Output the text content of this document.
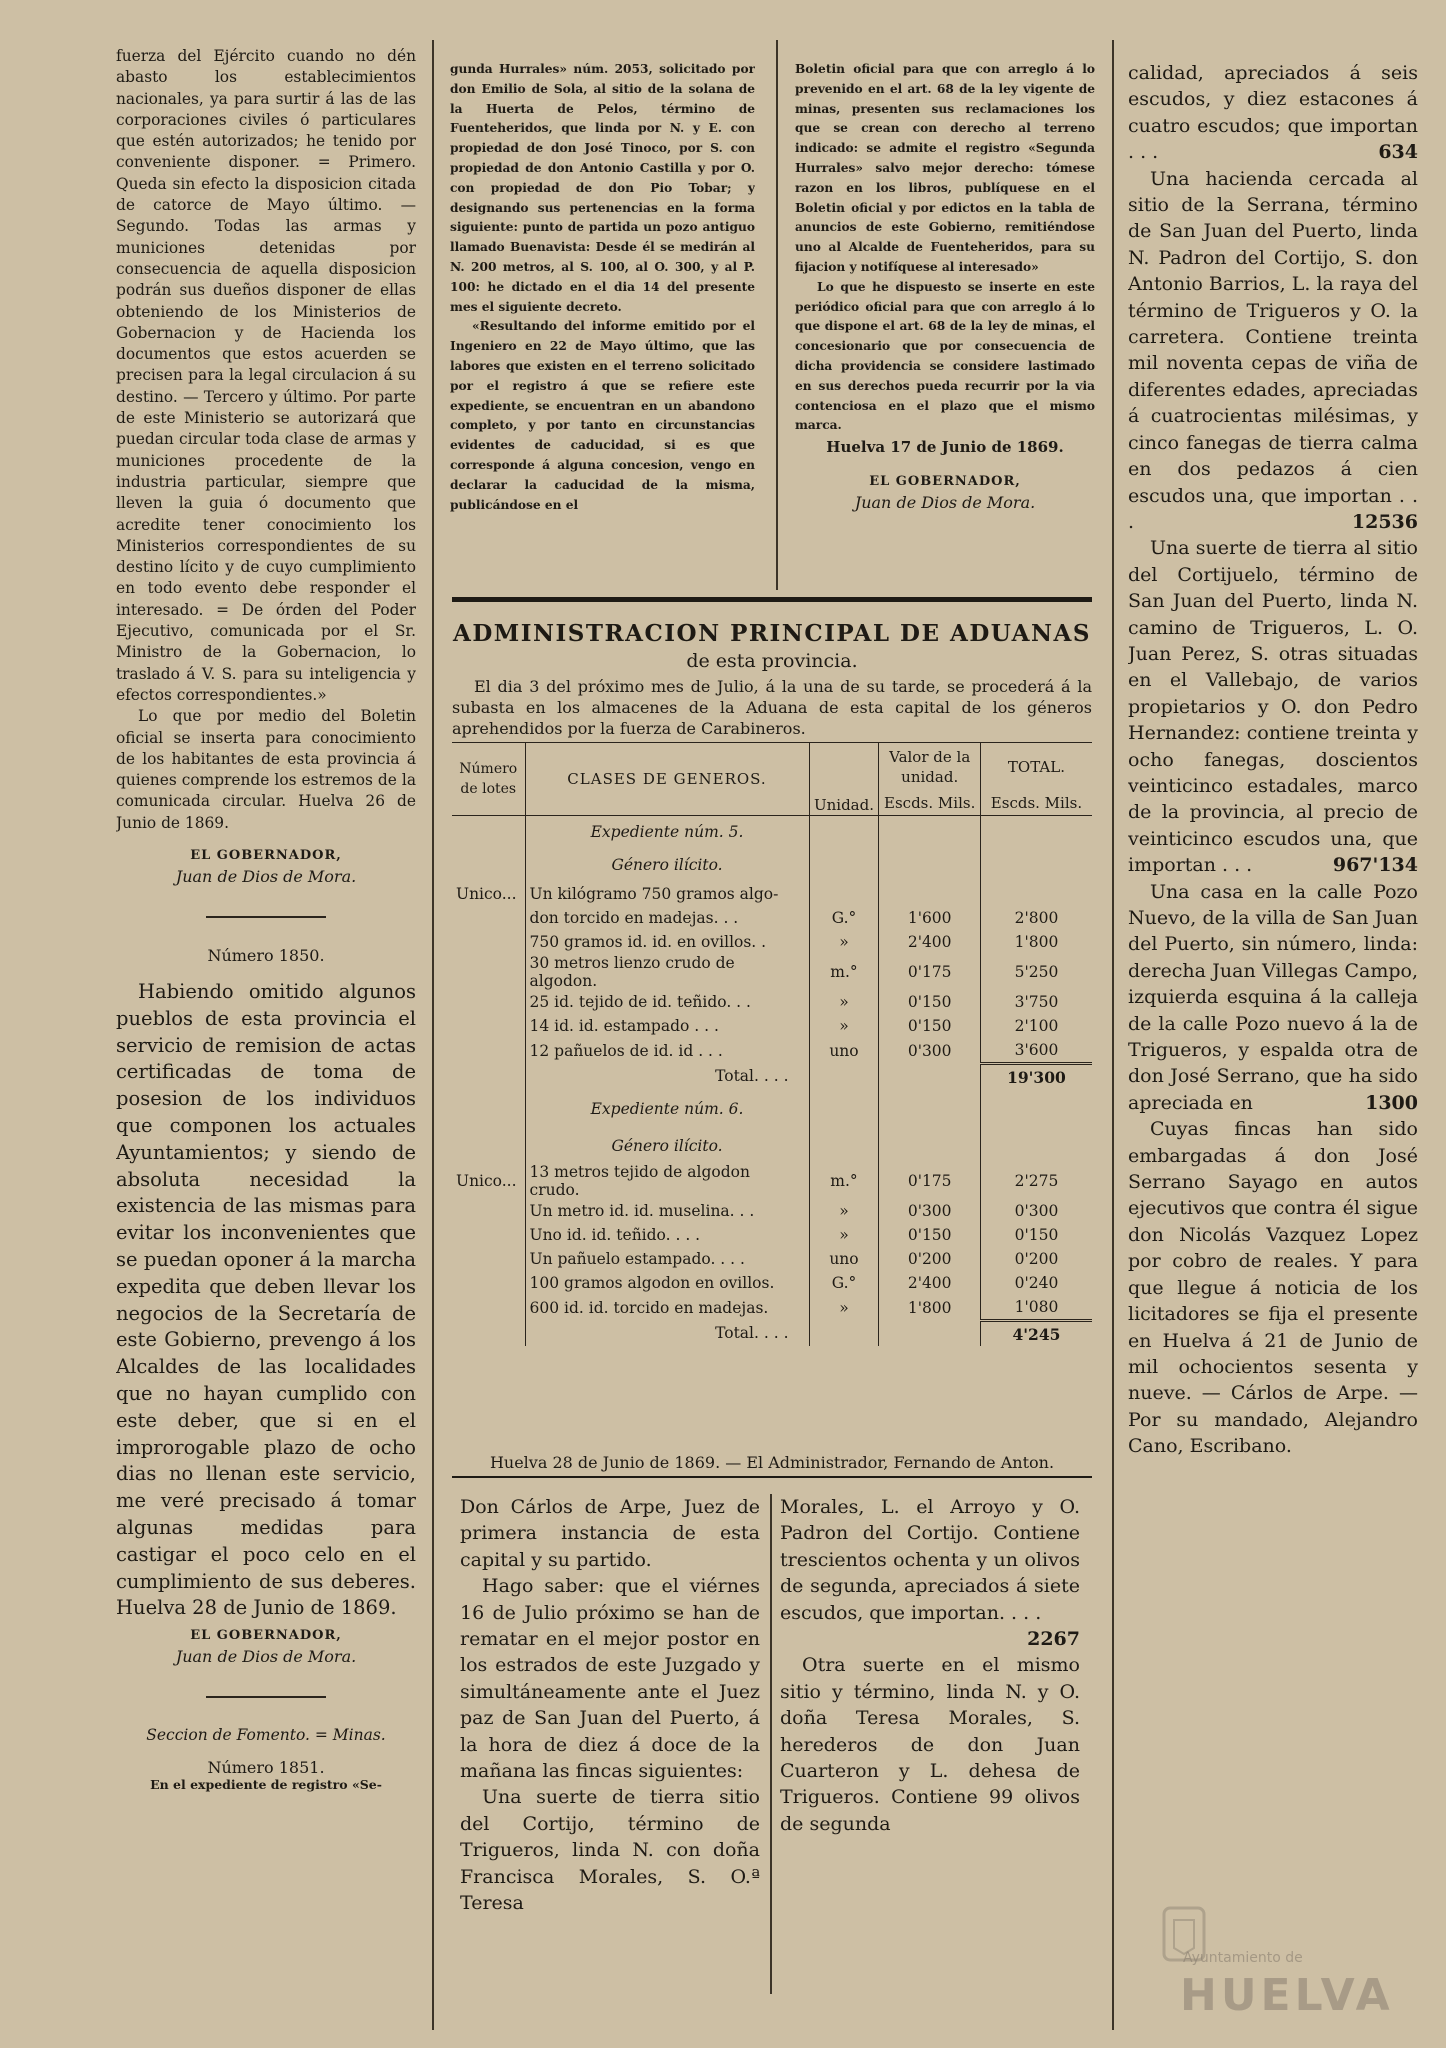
fuerza del Ejército cuando no dén abasto los establecimientos nacionales, ya para surtir á las de las corporaciones civiles ó particulares que estén autorizados; he tenido por conveniente disponer. = Primero. Queda sin efecto la disposicion citada de catorce de Mayo último. — Segundo. Todas las armas y municiones detenidas por consecuencia de aquella disposicion podrán sus dueños disponer de ellas obteniendo de los Ministerios de Gobernacion y de Hacienda los documentos que estos acuerden se precisen para la legal circulacion á su destino. — Tercero y último. Por parte de este Ministerio se autorizará que puedan circular toda clase de armas y municiones procedente de la industria particular, siempre que lleven la guia ó documento que acredite tener conocimiento los Ministerios correspondientes de su destino lícito y de cuyo cumplimiento en todo evento debe responder el interesado. = De órden del Poder Ejecutivo, comunicada por el Sr. Ministro de la Gobernacion, lo traslado á V. S. para su inteligencia y efectos correspondientes.»

Lo que por medio del Boletin oficial se inserta para conocimiento de los habitantes de esta provincia á quienes comprende los estremos de la comunicada circular. Huelva 26 de Junio de 1869.

EL GOBERNADOR,
Juan de Dios de Mora.
Número 1850.

Habiendo omitido algunos pueblos de esta provincia el servicio de remision de actas certificadas de toma de posesion de los individuos que componen los actuales Ayuntamientos; y siendo de absoluta necesidad la existencia de las mismas para evitar los inconvenientes que se puedan oponer á la marcha expedita que deben llevar los negocios de la Secretaría de este Gobierno, prevengo á los Alcaldes de las localidades que no hayan cumplido con este deber, que si en el improrogable plazo de ocho dias no llenan este servicio, me veré precisado á tomar algunas medidas para castigar el poco celo en el cumplimiento de sus deberes. Huelva 28 de Junio de 1869.

EL GOBERNADOR,
Juan de Dios de Mora.
Seccion de Fomento. = Minas.
Número 1851.
En el expediente de registro «Se-

gunda Hurrales» núm. 2053, solicitado por don Emilio de Sola, al sitio de la solana de la Huerta de Pelos, término de Fuenteheridos, que linda por N. y E. con propiedad de don José Tinoco, por S. con propiedad de don Antonio Castilla y por O. con propiedad de don Pio Tobar; y designando sus pertenencias en la forma siguiente: punto de partida un pozo antiguo llamado Buenavista: Desde él se medirán al N. 200 metros, al S. 100, al O. 300, y al P. 100: he dictado en el dia 14 del presente mes el siguiente decreto.

«Resultando del informe emitido por el Ingeniero en 22 de Mayo último, que las labores que existen en el terreno solicitado por el registro á que se refiere este expediente, se encuentran en un abandono completo, y por tanto en circunstancias evidentes de caducidad, si es que corresponde á alguna concesion, vengo en declarar la caducidad de la misma, publicándose en el

Boletin oficial para que con arreglo á lo prevenido en el art. 68 de la ley vigente de minas, presenten sus reclamaciones los que se crean con derecho al terreno indicado: se admite el registro «Segunda Hurrales» salvo mejor derecho: tómese razon en los libros, publíquese en el Boletin oficial y por edictos en la tabla de anuncios de este Gobierno, remitiéndose uno al Alcalde de Fuenteheridos, para su fijacion y notifíquese al interesado»

Lo que he dispuesto se inserte en este periódico oficial para que con arreglo á lo que dispone el art. 68 de la ley de minas, el concesionario que por consecuencia de dicha providencia se considere lastimado en sus derechos pueda recurrir por la via contenciosa en el plazo que el mismo marca.

Huelva 17 de Junio de 1869.
EL GOBERNADOR,
Juan de Dios de Mora.
ADMINISTRACION PRINCIPAL DE ADUANAS
de esta provincia.

El dia 3 del próximo mes de Julio, á la una de su tarde, se procederá á la subasta en los almacenes de la Aduana de esta capital de los géneros aprehendidos por la fuerza de Carabineros.

Número de lotes	CLASES DE GENEROS.	Unidad.	Valor de la unidad.	TOTAL.
			Escds. Mils.	Escds. Mils.
	Expediente núm. 5.			
	Género ilícito.			
Unico...	Un kilógramo 750 gramos algo-			
	don torcido en madejas. . .	G.°	1'600	2'800
	750 gramos id. id. en ovillos. .	»	2'400	1'800
	30 metros lienzo crudo de algodon.	m.°	0'175	5'250
	25 id. tejido de id. teñido. . .	»	0'150	3'750
	14 id. id. estampado . . .	»	0'150	2'100
	12 pañuelos de id. id . . .	uno	0'300	3'600
	Total. . . .			19'300
	Expediente núm. 6.			
	Género ilícito.			
Unico...	13 metros tejido de algodon crudo.	m.°	0'175	2'275
	Un metro id. id. muselina. . .	»	0'300	0'300
	Uno id. id. teñido. . . .	»	0'150	0'150
	Un pañuelo estampado. . . .	uno	0'200	0'200
	100 gramos algodon en ovillos.	G.°	2'400	0'240
	600 id. id. torcido en madejas.	»	1'800	1'080
	Total. . . .			4'245
Huelva 28 de Junio de 1869. — El Administrador, Fernando de Anton.

Don Cárlos de Arpe, Juez de primera instancia de esta capital y su partido.

Hago saber: que el viérnes 16 de Julio próximo se han de rematar en el mejor postor en los estrados de este Juzgado y simultáneamente ante el Juez paz de San Juan del Puerto, á la hora de diez á doce de la mañana las fincas siguientes:

Una suerte de tierra sitio del Cortijo, término de Trigueros, linda N. con doña Francisca Morales, S. O.ª Teresa

Morales, L. el Arroyo y O. Padron del Cortijo. Contiene trescientos ochenta y un olivos de segunda, apreciados á siete escudos, que importan. . . .
2267

Otra suerte en el mismo sitio y término, linda N. y O. doña Teresa Morales, S. herederos de don Juan Cuarteron y L. dehesa de Trigueros. Contiene 99 olivos de segunda

calidad, apreciados á seis escudos, y diez estacones á cuatro escudos; que importan . . .	634

Una hacienda cercada al sitio de la Serrana, término de San Juan del Puerto, linda N. Padron del Cortijo, S. don Antonio Barrios, L. la raya del término de Trigueros y O. la carretera. Contiene treinta mil noventa cepas de viña de diferentes edades, apreciadas á cuatrocientas milésimas, y cinco fanegas de tierra calma en dos pedazos á cien escudos una, que importan . . .	12536

Una suerte de tierra al sitio del Cortijuelo, término de San Juan del Puerto, linda N. camino de Trigueros, L. O. Juan Perez, S. otras situadas en el Vallebajo, de varios propietarios y O. don Pedro Hernandez: contiene treinta y ocho fanegas, doscientos veinticinco estadales, marco de la provincia, al precio de veinticinco escudos una, que importan . . .	967'134

Una casa en la calle Pozo Nuevo, de la villa de San Juan del Puerto, sin número, linda: derecha Juan Villegas Campo, izquierda esquina á la calleja de la calle Pozo nuevo á la de Trigueros, y espalda otra de don José Serrano, que ha sido apreciada en	1300

Cuyas fincas han sido embargadas á don José Serrano Sayago en autos ejecutivos que contra él sigue don Nicolás Vazquez Lopez por cobro de reales. Y para que llegue á noticia de los licitadores se fija el presente en Huelva á 21 de Junio de mil ochocientos sesenta y nueve. — Cárlos de Arpe. — Por su mandado, Alejandro Cano, Escribano.

Ayuntamiento de
HUELVA
